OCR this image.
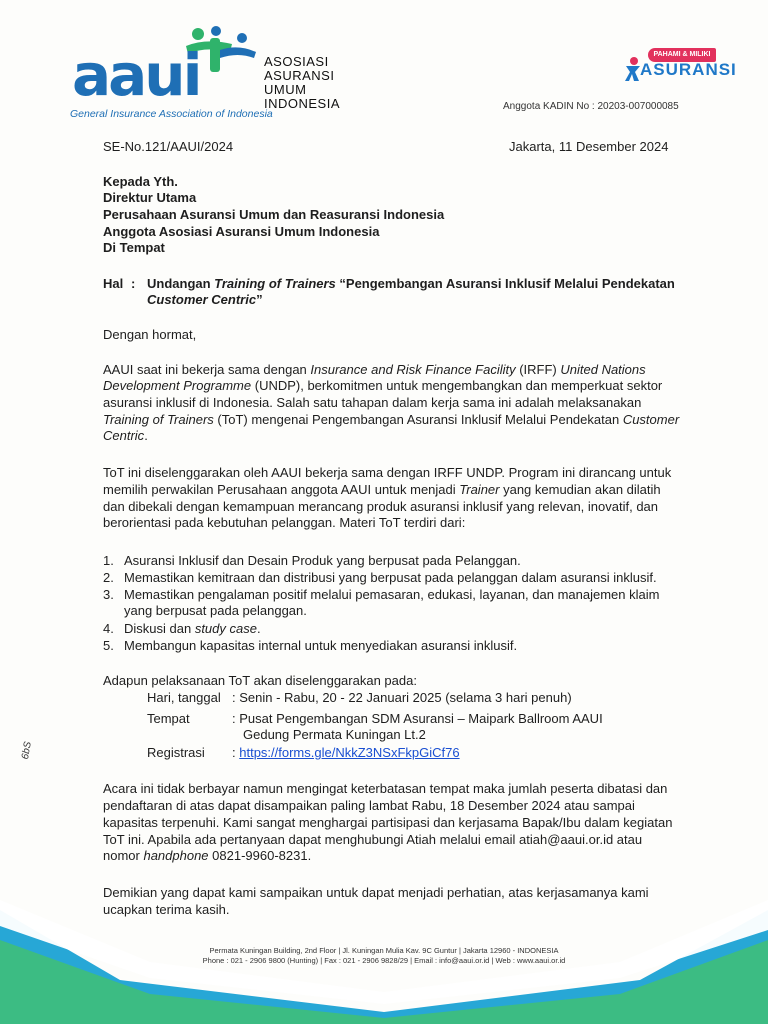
aaui
General Insurance Association of Indonesia
ASOSIASI
ASURANSI
UMUM
INDONESIA
PAHAMI & MILIKI
ASURANSI
Anggota KADIN No : 20203-007000085
SE-No.121/AAUI/2024	Jakarta, 11 Desember 2024
Kepada Yth.
Direktur Utama
Perusahaan Asuransi Umum dan Reasuransi Indonesia
Anggota Asosiasi Asuransi Umum Indonesia
Di Tempat
Hal : Undangan Training of Trainers “Pengembangan Asuransi Inklusif Melalui Pendekatan
Customer Centric”
Dengan hormat,
AAUI saat ini bekerja sama dengan Insurance and Risk Finance Facility (IRFF) United Nations
Development Programme (UNDP), berkomitmen untuk mengembangkan dan memperkuat sektor
asuransi inklusif di Indonesia. Salah satu tahapan dalam kerja sama ini adalah melaksanakan
Training of Trainers (ToT) mengenai Pengembangan Asuransi Inklusif Melalui Pendekatan Customer
Centric.
ToT ini diselenggarakan oleh AAUI bekerja sama dengan IRFF UNDP. Program ini dirancang untuk
memilih perwakilan Perusahaan anggota AAUI untuk menjadi Trainer yang kemudian akan dilatih
dan dibekali dengan kemampuan merancang produk asuransi inklusif yang relevan, inovatif, dan
berorientasi pada kebutuhan pelanggan. Materi ToT terdiri dari:
1. Asuransi Inklusif dan Desain Produk yang berpusat pada Pelanggan.
2. Memastikan kemitraan dan distribusi yang berpusat pada pelanggan dalam asuransi inklusif.
3. Memastikan pengalaman positif melalui pemasaran, edukasi, layanan, dan manajemen klaim
yang berpusat pada pelanggan.
4. Diskusi dan study case.
5. Membangun kapasitas internal untuk menyediakan asuransi inklusif.
Adapun pelaksanaan ToT akan diselenggarakan pada:
Hari, tanggal : Senin - Rabu, 20 - 22 Januari 2025 (selama 3 hari penuh)
Tempat	: Pusat Pengembangan SDM Asuransi – Maipark Ballroom AAUI
Gedung Permata Kuningan Lt.2
Registrasi : https://forms.gle/NkkZ3NSxFkpGiCf76
Acara ini tidak berbayar namun mengingat keterbatasan tempat maka jumlah peserta dibatasi dan
pendaftaran di atas dapat disampaikan paling lambat Rabu, 18 Desember 2024 atau sampai
kapasitas terpenuhi. Kami sangat menghargai partisipasi dan kerjasama Bapak/Ibu dalam kegiatan
ToT ini. Apabila ada pertanyaan dapat menghubungi Atiah melalui email atiah@aaui.or.id atau
nomor handphone 0821-9960-8231.
Demikian yang dapat kami sampaikan untuk dapat menjadi perhatian, atas kerjasamanya kami
ucapkan terima kasih.
6bS
Permata Kuningan Building, 2nd Floor | Jl. Kuningan Mulia Kav. 9C Guntur | Jakarta 12960 - INDONESIA
Phone : 021 - 2906 9800 (Hunting) | Fax : 021 - 2906 9828/29 | Email : info@aaui.or.id | Web : www.aaui.or.id
